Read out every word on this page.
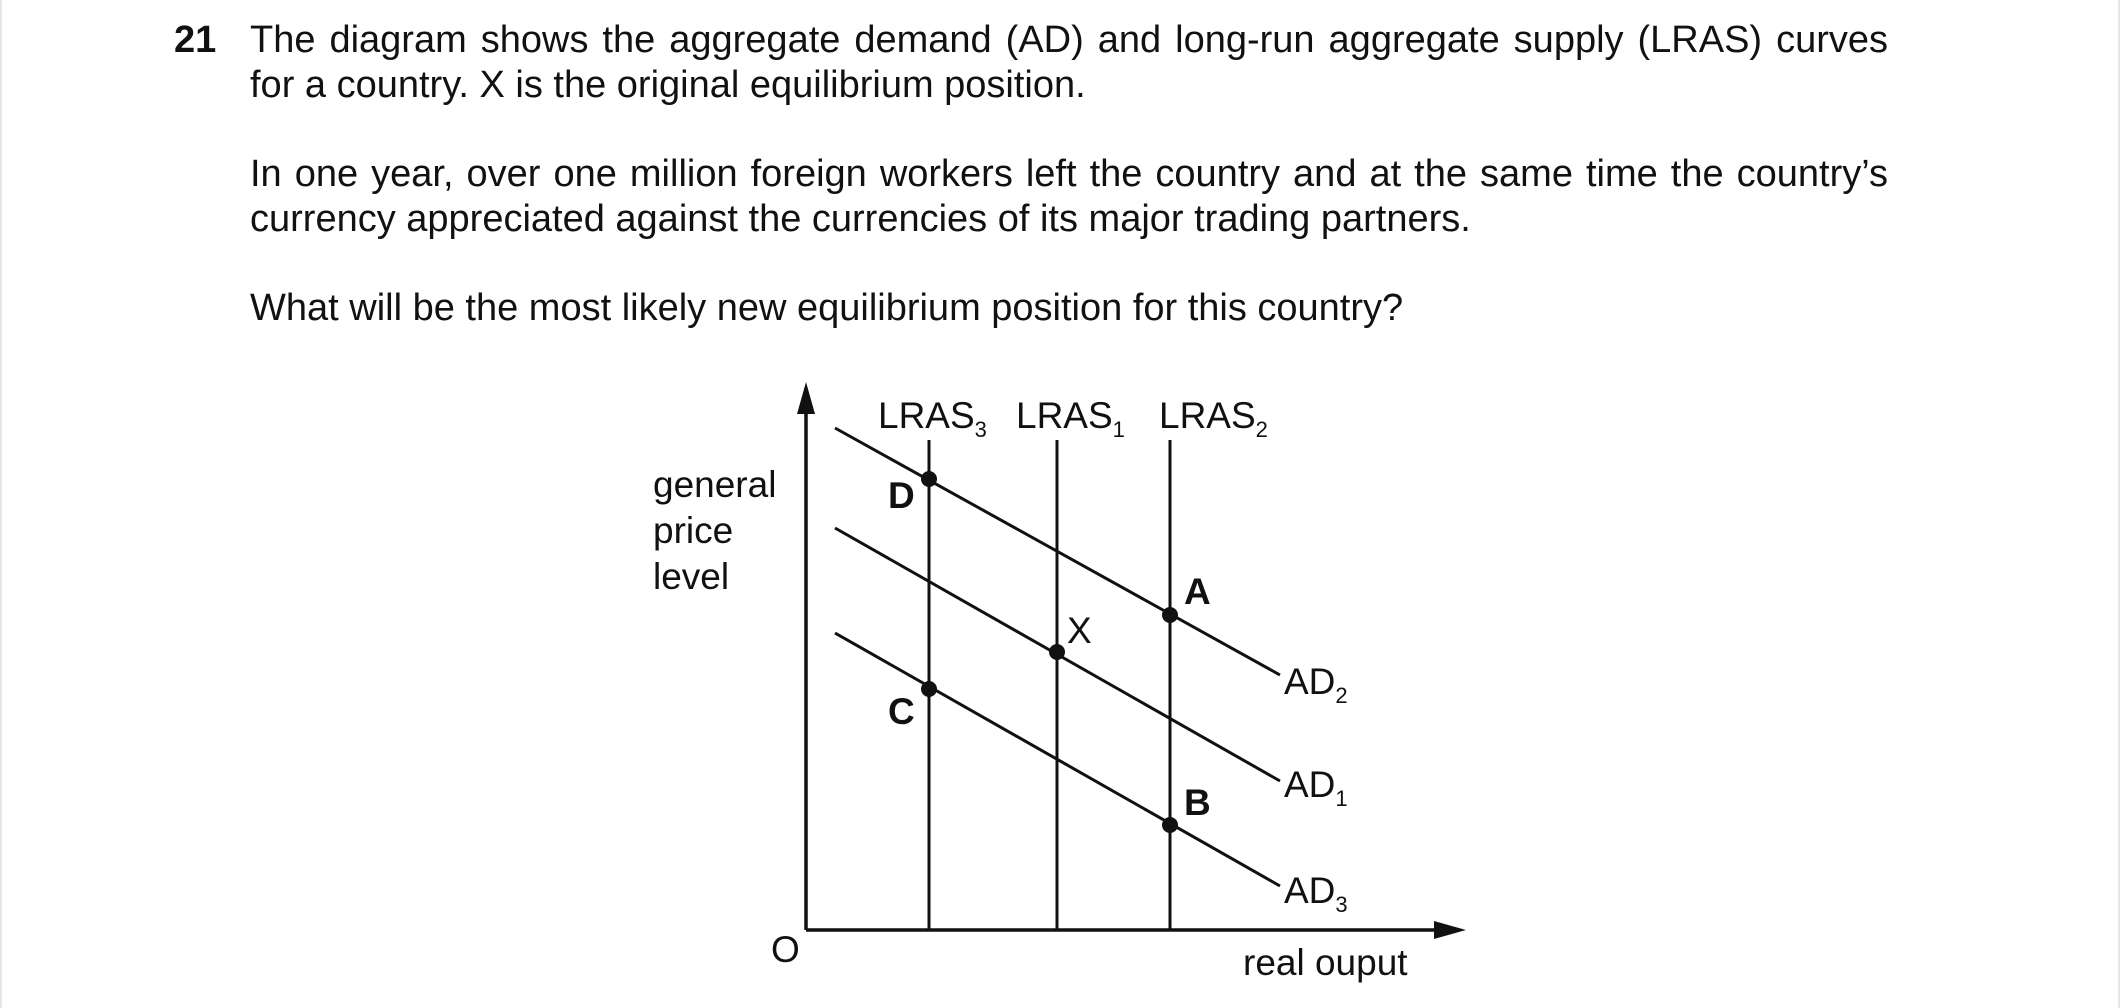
21 The diagram shows the aggregate demand (AD) and long-run aggregate supply (LRAS) curves for a country. X is the original equilibrium position.

In one year, over one million foreign workers left the country and at the same time the country’s currency appreciated against the currencies of its major trading partners.

What will be the most likely new equilibrium position for this country?

general
price
level
real ouput
O
$LRAS_3$ $LRAS_1$ $LRAS_2$
$AD_2$
$AD_1$
$AD_3$
D
A
X
C
B
